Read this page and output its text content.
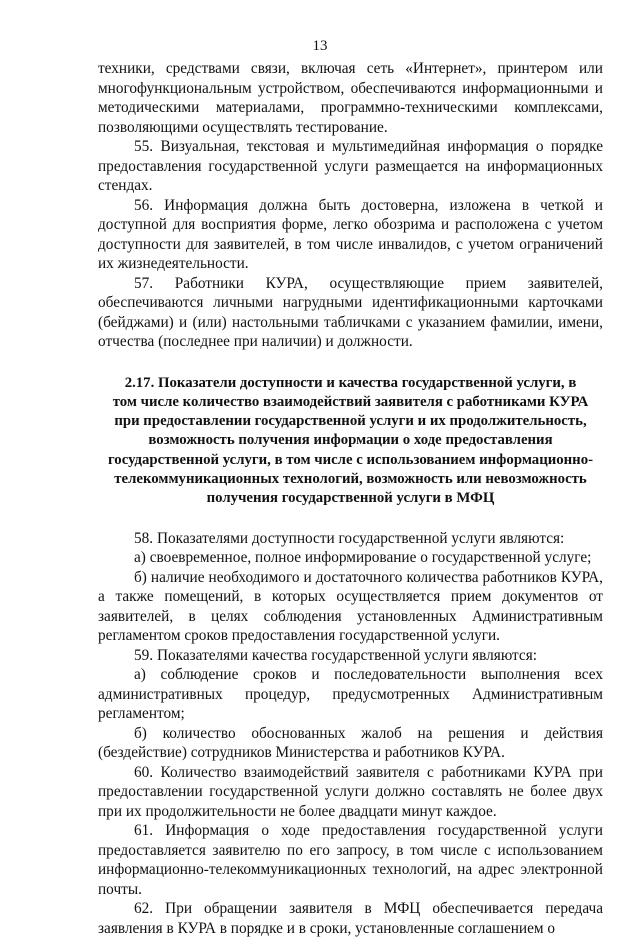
13

техники, средствами связи, включая сеть «Интернет», принтером или многофункциональным устройством, обеспечиваются информационными и методическими материалами, программно-техническими комплексами, позволяющими осуществлять тестирование.

55. Визуальная, текстовая и мультимедийная информация о порядке предоставления государственной услуги размещается на информационных стендах.

56. Информация должна быть достоверна, изложена в четкой и доступной для восприятия форме, легко обозрима и расположена с учетом доступности для заявителей, в том числе инвалидов, с учетом ограничений их жизнедеятельности.

57. Работники КУРА, осуществляющие прием заявителей, обеспечиваются личными нагрудными идентификационными карточками (бейджами) и (или) настольными табличками с указанием фамилии, имени, отчества (последнее при наличии) и должности.

2.17. Показатели доступности и качества государственной услуги, в
том числе количество взаимодействий заявителя с работниками КУРА
при предоставлении государственной услуги и их продолжительность,
возможность получения информации о ходе предоставления
государственной услуги, в том числе с использованием информационно-
телекоммуникационных технологий, возможность или невозможность
получения государственной услуги в МФЦ

58. Показателями доступности государственной услуги являются:

а) своевременное, полное информирование о государственной услуге;

б) наличие необходимого и достаточного количества работников КУРА, а также помещений, в которых осуществляется прием документов от заявителей, в целях соблюдения установленных Административным регламентом сроков предоставления государственной услуги.

59. Показателями качества государственной услуги являются:

а) соблюдение сроков и последовательности выполнения всех административных процедур, предусмотренных Административным регламентом;

б) количество обоснованных жалоб на решения и действия (бездействие) сотрудников Министерства и работников КУРА.

60. Количество взаимодействий заявителя с работниками КУРА при предоставлении государственной услуги должно составлять не более двух при их продолжительности не более двадцати минут каждое.

61. Информация о ходе предоставления государственной услуги предоставляется заявителю по его запросу, в том числе с использованием информационно-телекоммуникационных технологий, на адрес электронной почты.

62. При обращении заявителя в МФЦ обеспечивается передача заявления в КУРА в порядке и в сроки, установленные соглашением о
